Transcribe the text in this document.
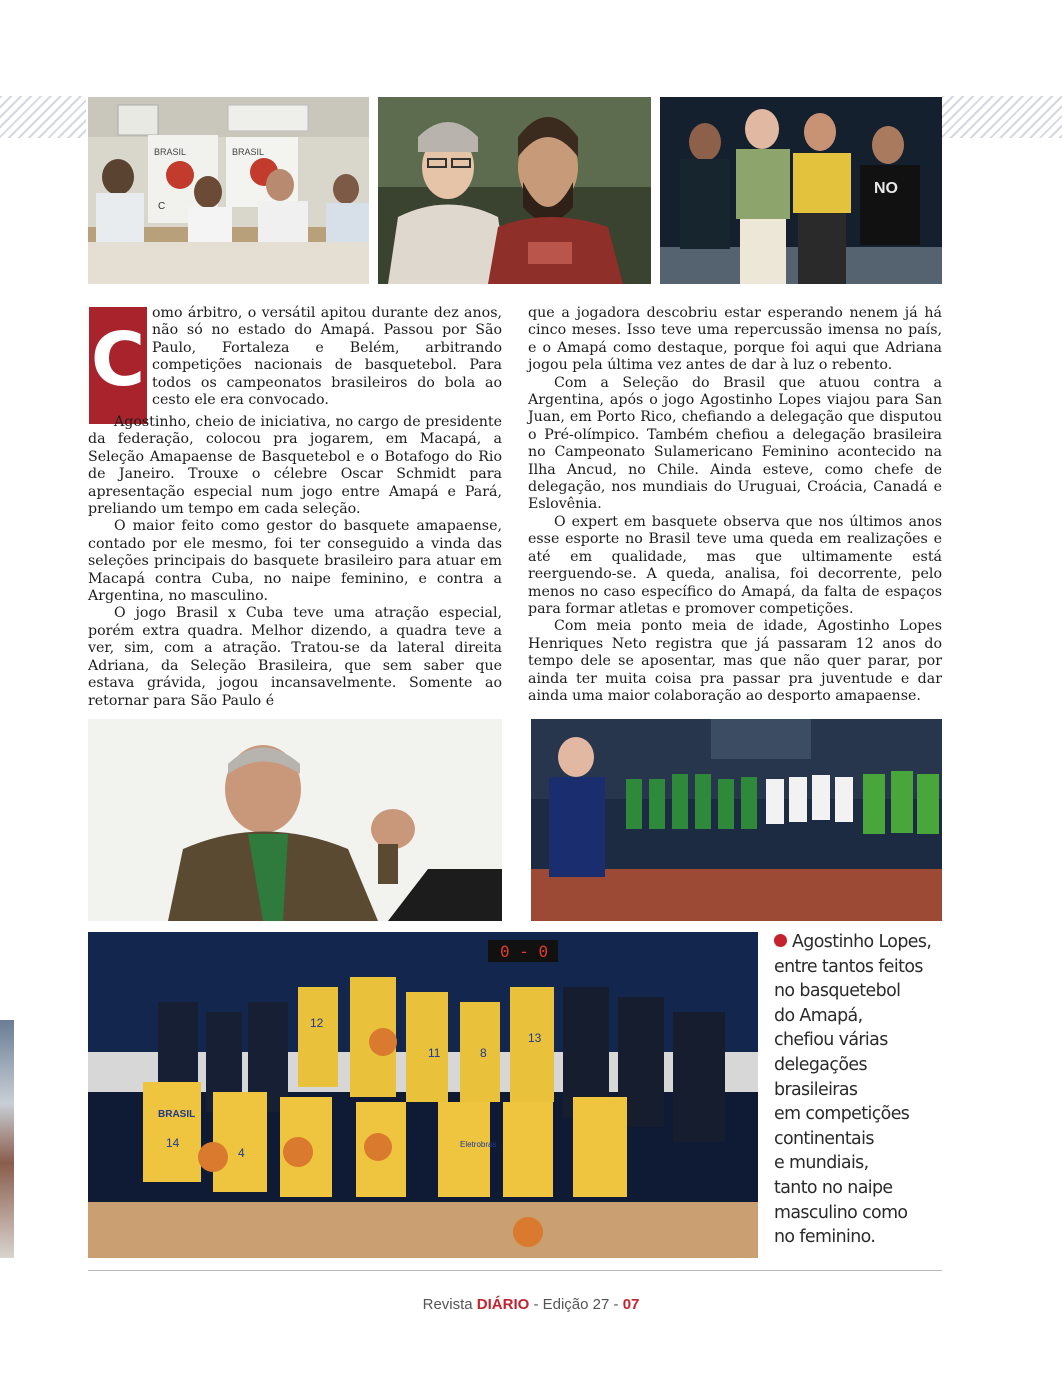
BRASIL
C
BRASIL
NO
C

omo árbitro, o versátil apitou durante dez anos, não só no estado do Amapá. Passou por São Paulo, Fortaleza e Belém, arbitrando competições nacionais de basquetebol. Para todos os campeonatos brasileiros do bola ao cesto ele era convocado.

Agostinho, cheio de iniciativa, no cargo de presidente da federação, colocou pra jogarem, em Macapá, a Seleção Amapaense de Basquetebol e o Botafogo do Rio de Janeiro. Trouxe o célebre Oscar Schmidt para apresentação especial num jogo entre Amapá e Pará, preliando um tempo em cada seleção.

O maior feito como gestor do basquete amapaense, contado por ele mesmo, foi ter conseguido a vinda das seleções principais do basquete brasileiro para atuar em Macapá contra Cuba, no naipe feminino, e contra a Argentina, no masculino.

O jogo Brasil x Cuba teve uma atração especial, porém extra quadra. Melhor dizendo, a quadra teve a ver, sim, com a atração. Tratou-se da lateral direita Adriana, da Seleção Brasileira, que sem saber que estava grávida, jogou incansavelmente. Somente ao retornar para São Paulo é

que a jogadora descobriu estar esperando nenem já há cinco meses. Isso teve uma repercussão imensa no país, e o Amapá como destaque, porque foi aqui que Adriana jogou pela última vez antes de dar à luz o rebento.

Com a Seleção do Brasil que atuou contra a Argentina, após o jogo Agostinho Lopes viajou para San Juan, em Porto Rico, chefiando a delegação que disputou o Pré-olímpico. Também chefiou a delegação brasileira no Campeonato Sulamericano Feminino acontecido na Ilha Ancud, no Chile. Ainda esteve, como chefe de delegação, nos mundiais do Uruguai, Croácia, Canadá e Eslovênia.

O expert em basquete observa que nos últimos anos esse esporte no Brasil teve uma queda em realizações e até em qualidade, mas que ultimamente está reerguendo-se. A queda, analisa, foi decorrente, pelo menos no caso específico do Amapá, da falta de espaços para formar atletas e promover competições.

Com meia ponto meia de idade, Agostinho Lopes Henriques Neto registra que já passaram 12 anos do tempo dele se aposentar, mas que não quer parar, por ainda ter muita coisa pra passar pra juventude e dar ainda uma maior colaboração ao desporto amapaense.

0 - 0
BRASIL
14
4
12
11	8
13
Eletrobrás
Agostinho Lopes,
entre tantos feitos
no basquetebol
do Amapá,
chefiou várias
delegações
brasileiras
em competições
continentais
e mundiais,
tanto no naipe
masculino como
no feminino.
Revista DIÁRIO - Edição 27 - 07
